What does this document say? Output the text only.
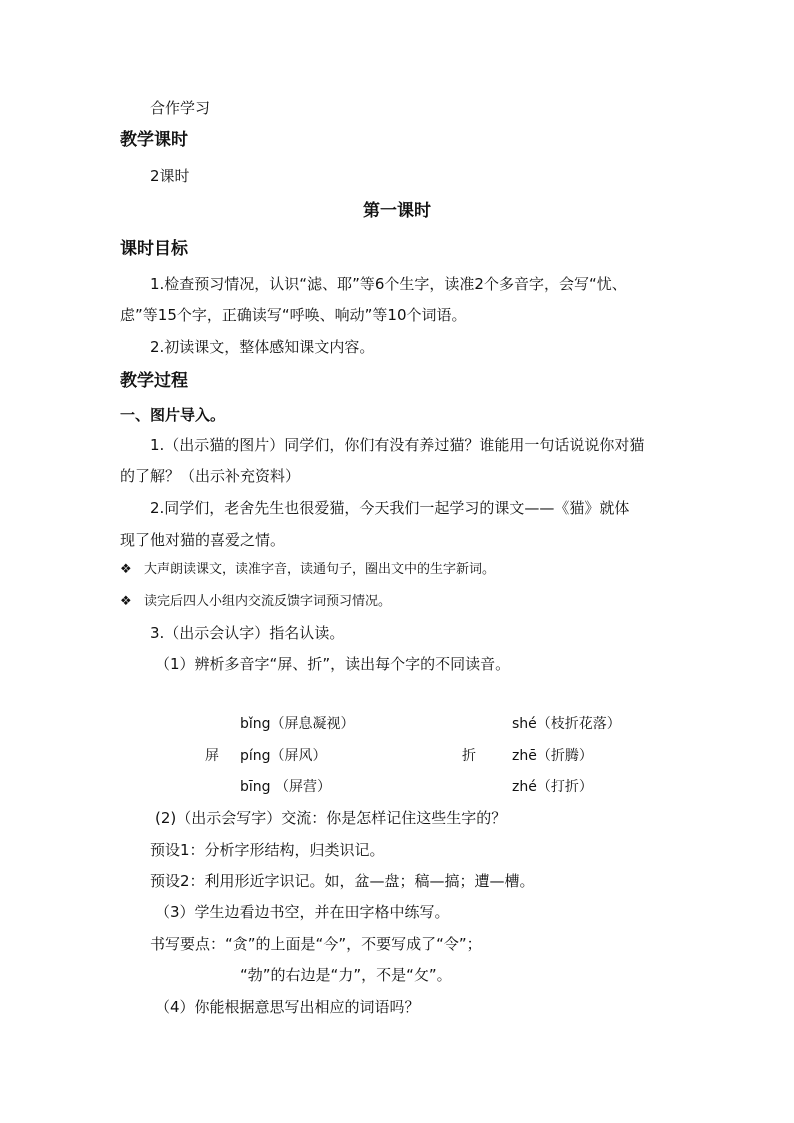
合作学习
教学课时
2课时
第一课时
课时目标
1.检查预习情况，认识“滤、耶”等6个生字，读准2个多音字，会写“忧、
虑”等15个字，正确读写“呼唤、响动”等10个词语。
2.初读课文，整体感知课文内容。
教学过程
一、图片导入。
1.（出示猫的图片）同学们，你们有没有养过猫？谁能用一句话说说你对猫
的了解？（出示补充资料）
2.同学们，老舍先生也很爱猫，今天我们一起学习的课文——《猫》就体
现了他对猫的喜爱之情。
❖ 大声朗读课文，读准字音，读通句子，圈出文中的生字新词。
❖ 读完后四人小组内交流反馈字词预习情况。
3.（出示会认字）指名认读。
（1）辨析多音字“屏、折”，读出每个字的不同读音。
bǐng（屏息凝视）
屏 píng（屏风）
bīng （屏营）
shé（枝折花落）
折	zhē（折腾）
zhé（打折）
(2)（出示会写字）交流：你是怎样记住这些生字的？
预设1：分析字形结构，归类识记。
预设2：利用形近字识记。如，盆—盘；稿—搞；遭—槽。
（3）学生边看边书空，并在田字格中练写。
书写要点：“贪”的上面是“今”，不要写成了“令”；
“勃”的右边是“力”，不是“攵”。
（4）你能根据意思写出相应的词语吗？
